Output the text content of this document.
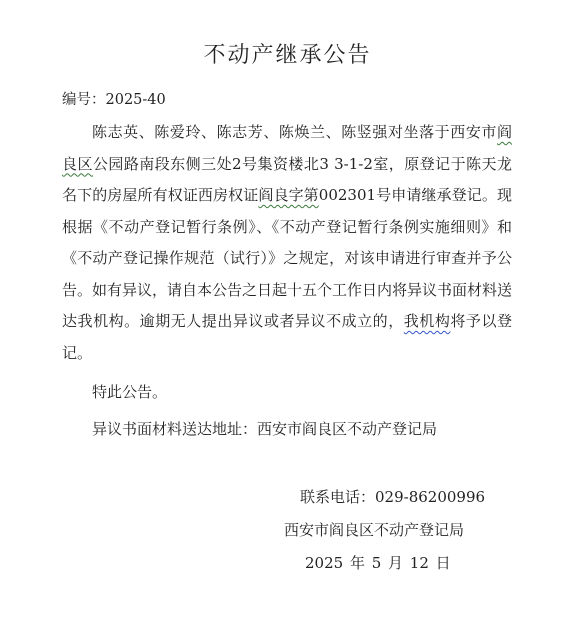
不动产继承公告
编号：2025-40

陈志英、陈爱玲、陈志芳、陈焕兰、陈竖强对坐落于西安市阎良区公园路南段东侧三处2号集资楼北3 3-1-2室，原登记于陈天龙名下的房屋所有权证西房权证阎良字第002301号申请继承登记。现根据《不动产登记暂行条例》、《不动产登记暂行条例实施细则》和《不动产登记操作规范（试行）》之规定，对该申请进行审查并予公告。如有异议，请自本公告之日起十五个工作日内将异议书面材料送达我机构。逾期无人提出异议或者异议不成立的，我机构将予以登记。

特此公告。
异议书面材料送达地址：西安市阎良区不动产登记局
联系电话：029-86200996
西安市阎良区不动产登记局
2025 年 5 月 12 日
